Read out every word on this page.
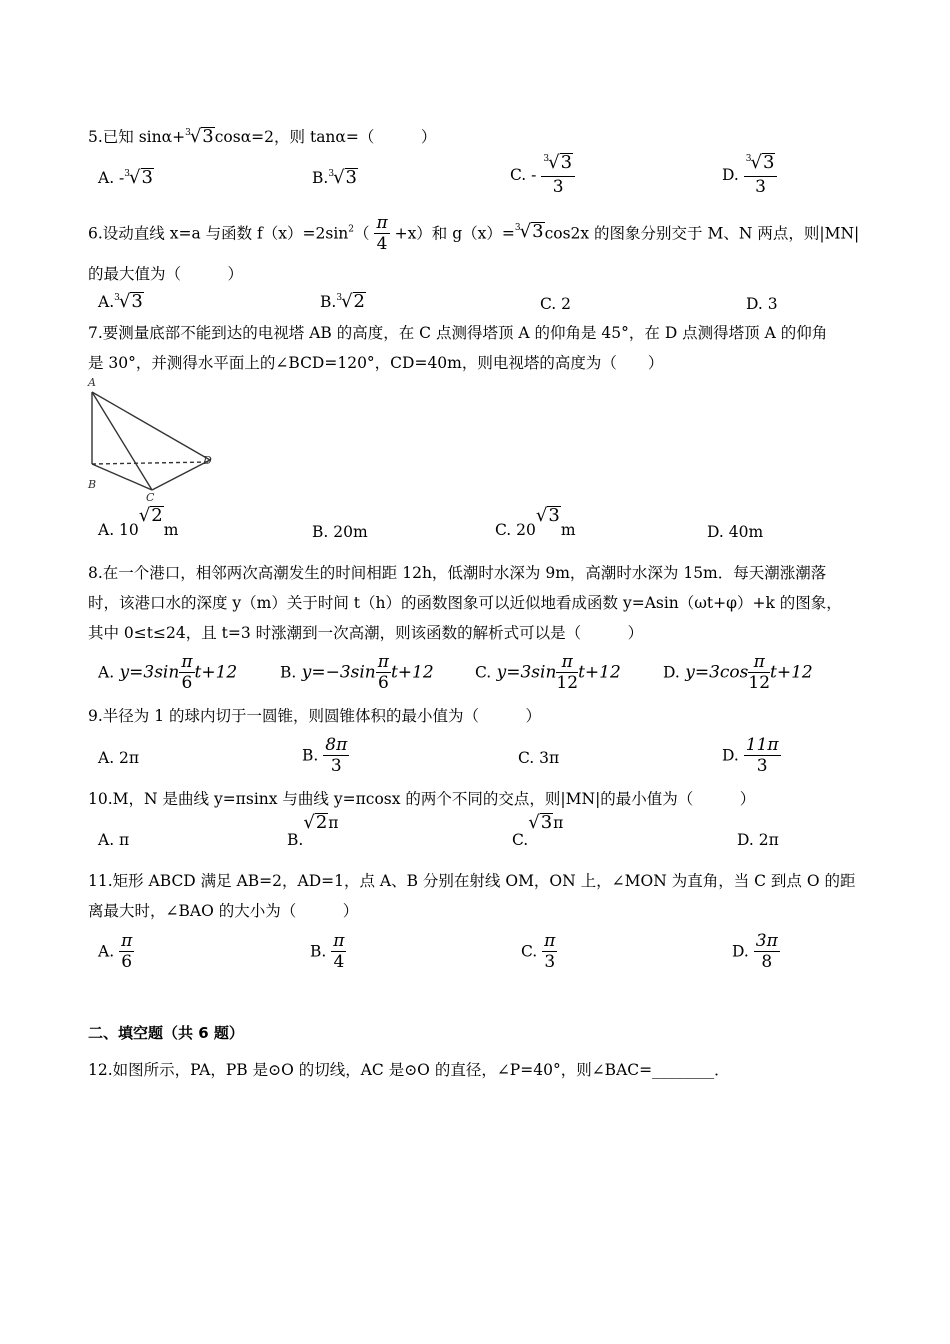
5.已知 sinα+$^3$√3cosα=2，则 tanα=（　　　）
A. -$^3$√3	B.$^3$√3	C. - $\frac{^3√3}{3}$	D. $\frac{^3√3}{3}$
6.设动直线 x=a 与函数 $f(x)=2\sin^2( \frac{\pi}{4} +x)$和 g（x）=$^3$√3cos2x 的图象分别交于 M、N 两点，则|MN|
的最大值为（　　　）
A.$^3$√3	B.$^3$√2	C. 2	D. 3
7.要测量底部不能到达的电视塔 AB 的高度，在 C 点测得塔顶 A 的仰角是 45°，在 D 点测得塔顶 A 的仰角
是 30°，并测得水平面上的∠BCD=120°，CD=40m，则电视塔的高度为（　　）
A
B
C
D
A. 10√2m	B. 20m	C. 20√3m	D. 40m
8.在一个港口，相邻两次高潮发生的时间相距 12h，低潮时水深为 9m，高潮时水深为 15m．每天潮涨潮落
时，该港口水的深度 y（m）关于时间 t（h）的函数图象可以近似地看成函数 y=Asin（ωt+φ）+k 的图象，
其中 0≤t≤24，且 t=3 时涨潮到一次高潮，则该函数的解析式可以是（　　　）
A. $y=3\sin \frac{\pi}{6} t+12$	B. $y=-3\sin \frac{\pi}{6} t+12$	C. $y=3\sin \frac{\pi}{12} t+12$	D. $y=3\cos \frac{\pi}{12} t+12$
9.半径为 1 的球内切于一圆锥，则圆锥体积的最小值为（　　　）
A. 2π	B. $\frac{8\pi}{3}$	C. 3π	D. $\frac{11\pi}{3}$
10.M，N 是曲线 y=πsinx 与曲线 y=πcosx 的两个不同的交点，则|MN|的最小值为（　　　）
A. π	B.√2π
C.√3π
D. 2π
11.矩形 ABCD 满足 AB=2，AD=1，点 A、B 分别在射线 OM，ON 上，∠MON 为直角，当 C 到点 O 的距
离最大时，∠BAO 的大小为（　　　）
A. $\frac{\pi}{6}$	B. $\frac{\pi}{4}$	C. $\frac{\pi}{3}$	D. $\frac{3\pi}{8}$
二、填空题（共 6 题）
12.如图所示，PA，PB 是⊙O 的切线，AC 是⊙O 的直径，∠P=40°，则∠BAC=________．
